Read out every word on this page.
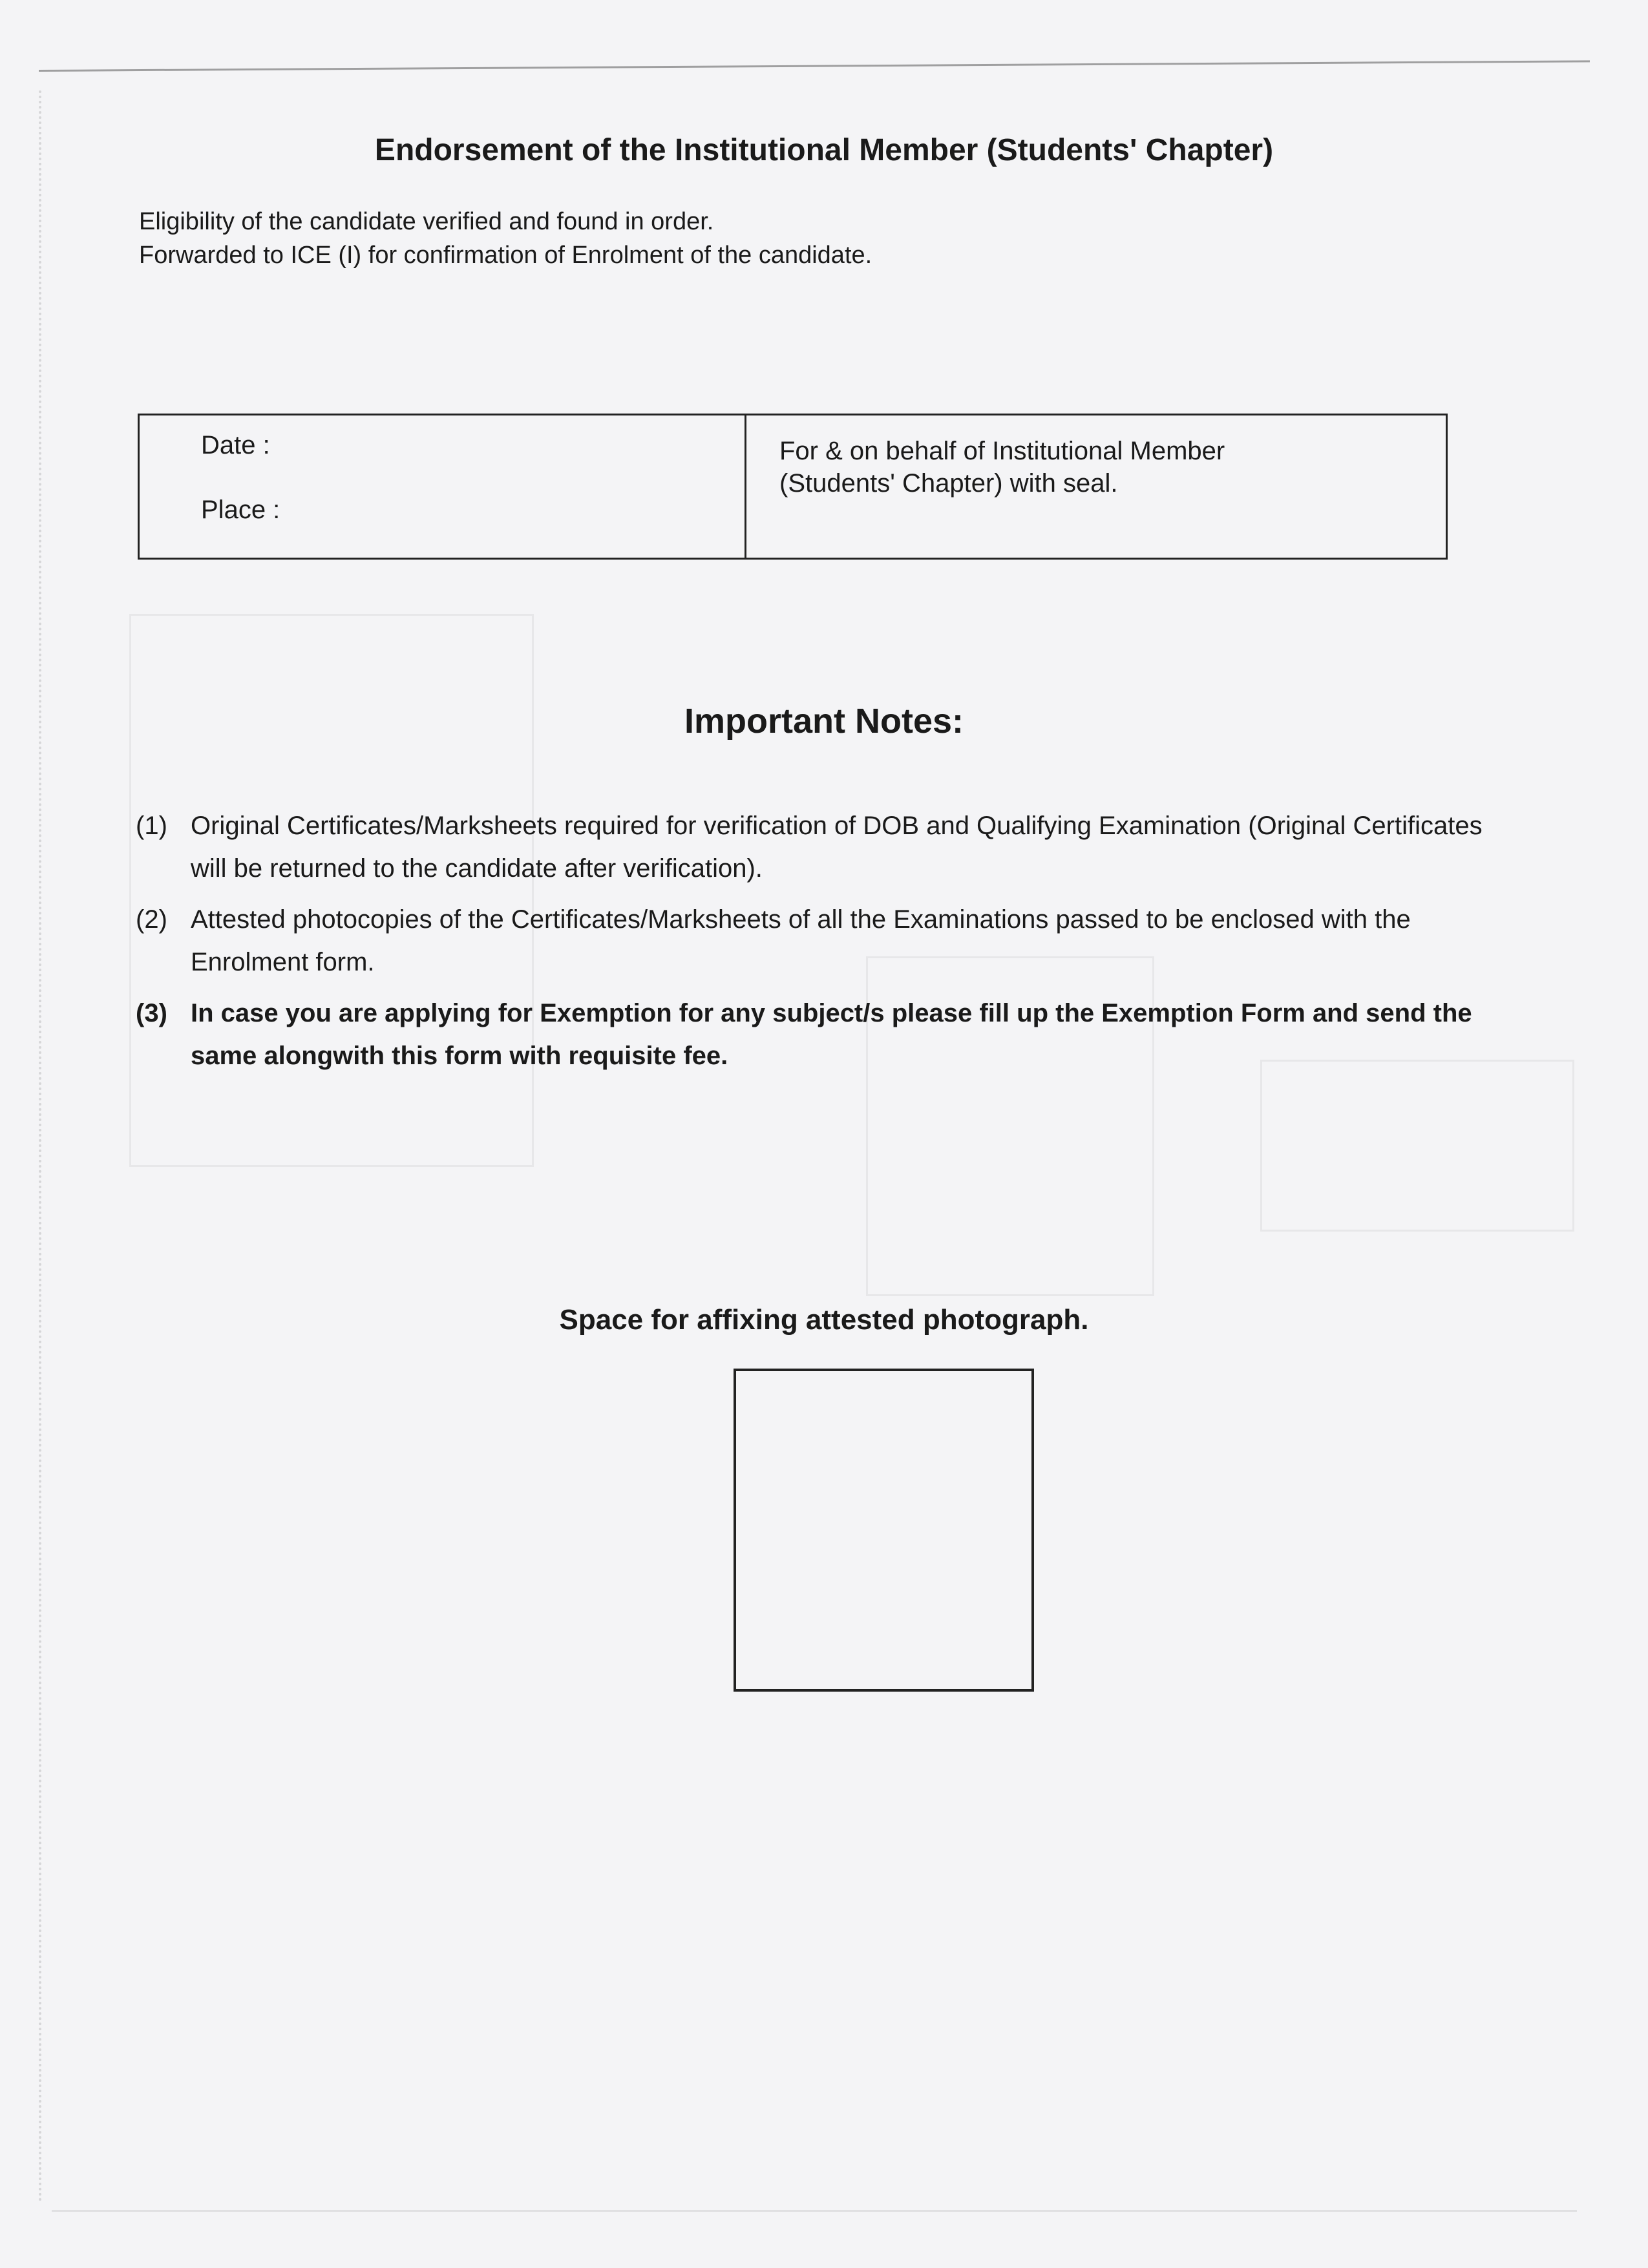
Endorsement of the Institutional Member (Students' Chapter)
Eligibility of the candidate verified and found in order.
Forwarded to ICE (I) for confirmation of Enrolment of the candidate.
Date :
Place :
For & on behalf of Institutional Member
(Students' Chapter) with seal.
Important Notes:
(1) Original Certificates/Marksheets required for verification of DOB and Qualifying Examination (Original Certificates
will be returned to the candidate after verification).
(2) Attested photocopies of the Certificates/Marksheets of all the Examinations passed to be enclosed with the
Enrolment form.
(3) In case you are applying for Exemption for any subject/s please fill up the Exemption Form and send the
same alongwith this form with requisite fee.
Space for affixing attested photograph.
